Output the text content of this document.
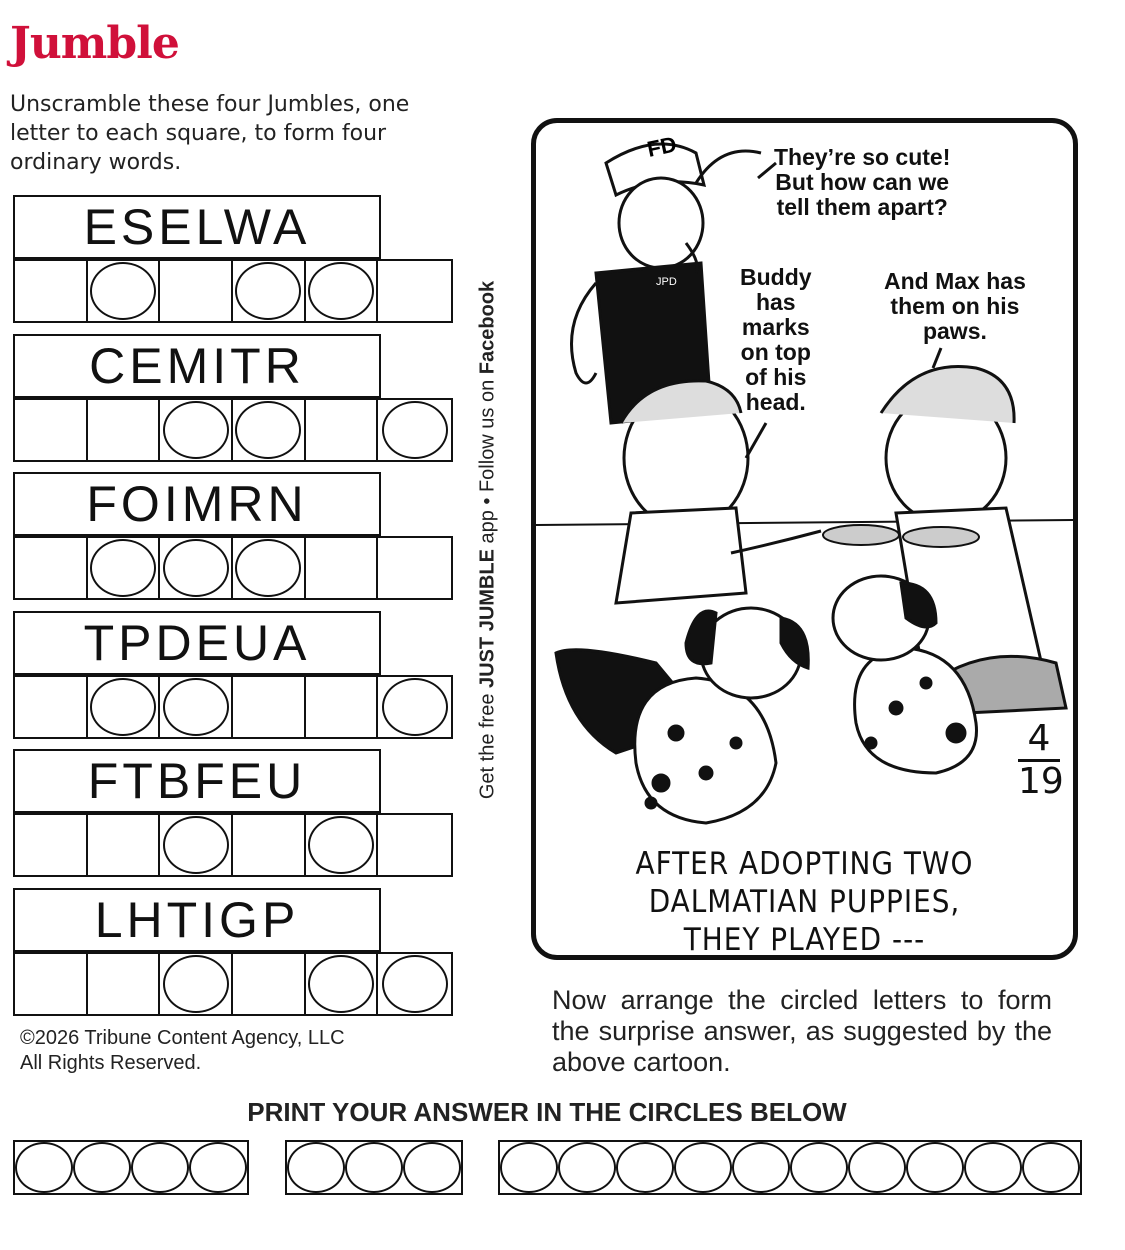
Jumble
Unscramble these four Jumbles, one letter to each square, to form four ordinary words.
ESELWA
CEMITR
FOIMRN
TPDEUA
FTBFEU
LHTIGP
Get the free JUST JUMBLE app • Follow us on Facebook
FD
JPD
They’re so cute!
But how can we
tell them apart?
Buddy
has
marks
on top
of his
head.
And Max has
them on his
paws.
4
19
AFTER ADOPTING TWO
DALMATIAN PUPPIES,
THEY PLAYED ---
©2026 Tribune Content Agency, LLC
All Rights Reserved.
Now arrange the circled letters to form the surprise answer, as suggested by the above cartoon.
PRINT YOUR ANSWER IN THE CIRCLES BELOW
